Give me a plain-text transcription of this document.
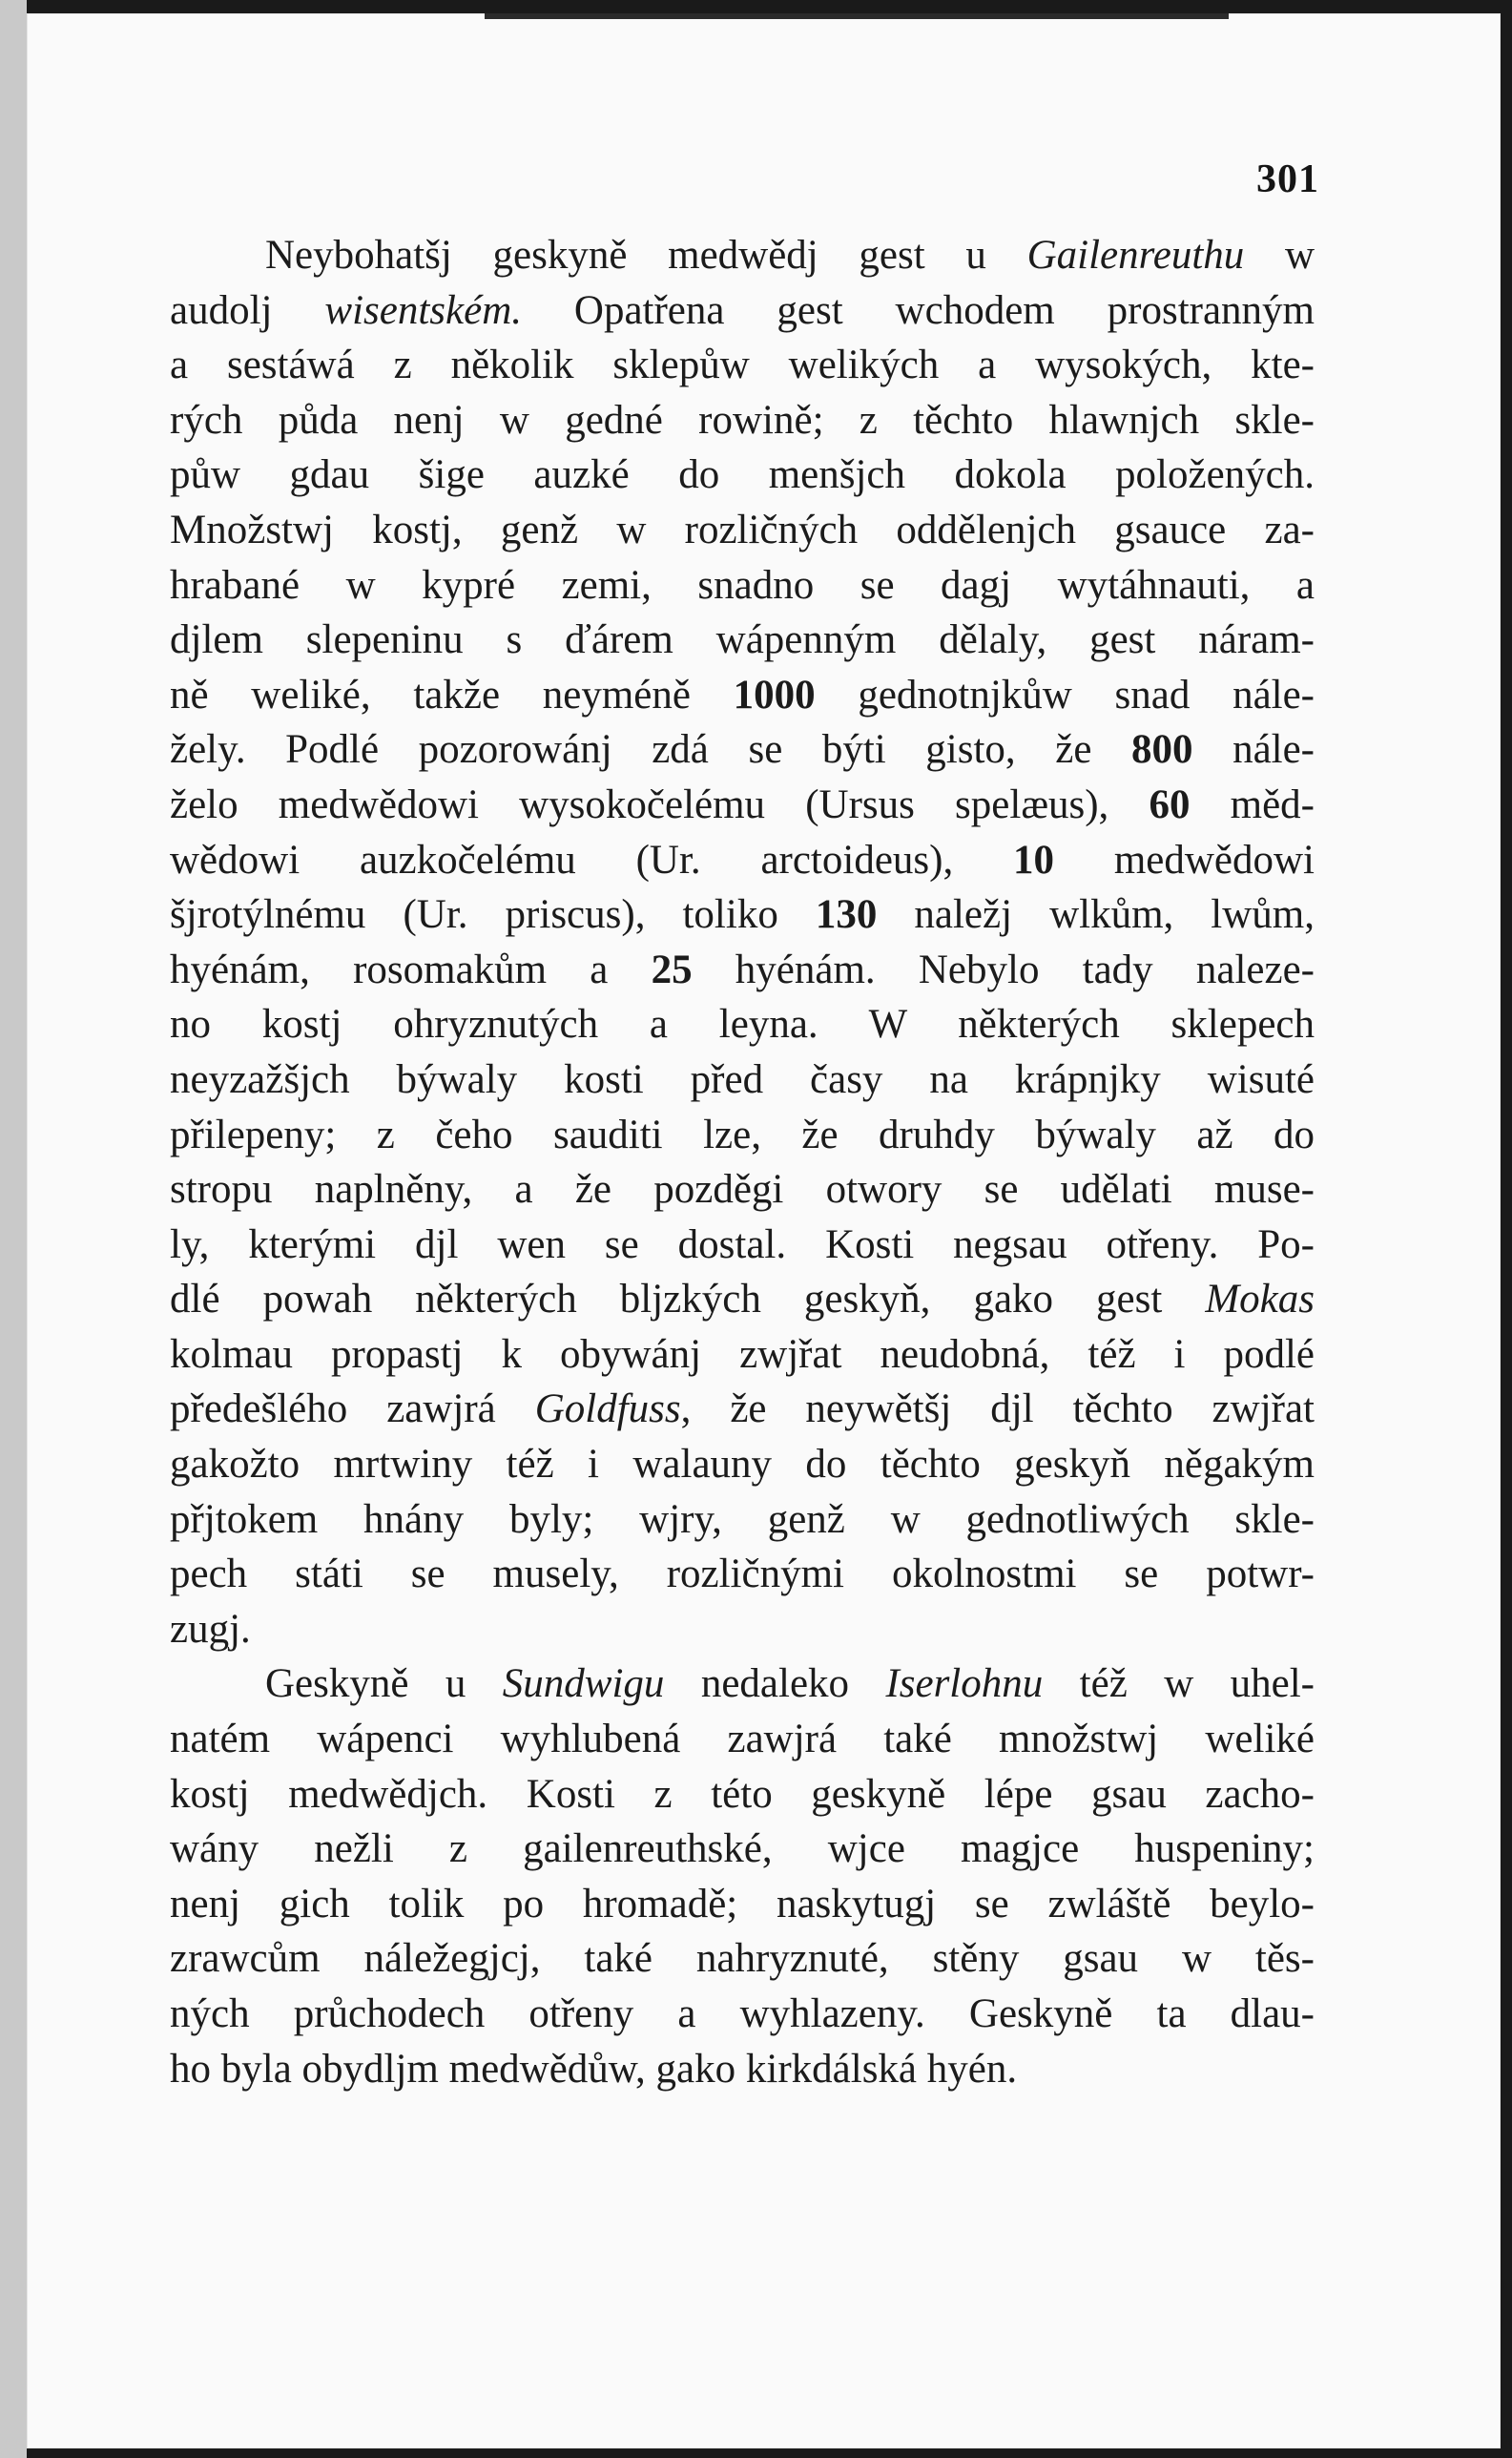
301
Neybohatšj geskyně medwědj gest u Gailenreuthu w
audolj wisentském. Opatřena gest wchodem prostranným
a sestáwá z několik sklepůw welikých a wysokých, kte-
rých půda nenj w gedné rowině; z těchto hlawnjch skle-
půw gdau šige auzké do menšjch dokola položených.
Množstwj kostj, genž w rozličných oddělenjch gsauce za-
hrabané w kypré zemi, snadno se dagj wytáhnauti, a
djlem slepeninu s ďárem wápenným dělaly, gest náram-
ně weliké, takže neyméně 1000 gednotnjkůw snad nále-
žely. Podlé pozorowánj zdá se býti gisto, že 800 nále-
želo medwědowi wysokočelému (Ursus spelæus), 60 měd-
wědowi auzkočelému (Ur. arctoideus), 10 medwědowi
šjrotýlnému (Ur. priscus), toliko 130 naležj wlkům, lwům,
hyénám, rosomakům a 25 hyénám. Nebylo tady naleze-
no kostj ohryznutých a leyna. W některých sklepech
neyzažšjch býwaly kosti před časy na krápnjky wisuté
přilepeny; z čeho sauditi lze, že druhdy býwaly až do
stropu naplněny, a že pozděgi otwory se udělati muse-
ly, kterými djl wen se dostal. Kosti negsau otřeny. Po-
dlé powah některých bljzkých geskyň, gako gest Mokas
kolmau propastj k obywánj zwjřat neudobná, též i podlé
předešlého zawjrá Goldfuss, že neywětšj djl těchto zwjřat
gakožto mrtwiny též i walauny do těchto geskyň něgakým
přjtokem hnány byly; wjry, genž w gednotliwých skle-
pech státi se musely, rozličnými okolnostmi se potwr-
zugj.
Geskyně u Sundwigu nedaleko Iserlohnu též w uhel-
natém wápenci wyhlubená zawjrá také množstwj weliké
kostj medwědjch. Kosti z této geskyně lépe gsau zacho-
wány nežli z gailenreuthské, wjce magjce huspeniny;
nenj gich tolik po hromadě; naskytugj se zwláště beylo-
zrawcům náležegjcj, také nahryznuté, stěny gsau w těs-
ných průchodech otřeny a wyhlazeny. Geskyně ta dlau-
ho byla obydljm medwědůw, gako kirkdálská hyén.
